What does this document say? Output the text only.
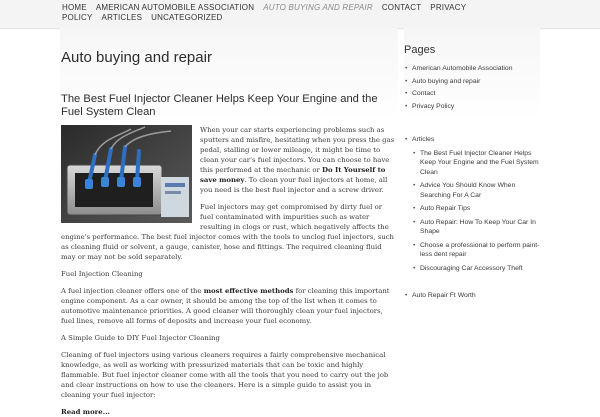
HOME AMERICAN AUTOMOBILE ASSOCIATION AUTO BUYING AND REPAIR CONTACT PRIVACY POLICY ARTICLES UNCATEGORIZED
Auto buying and repair
The Best Fuel Injector Cleaner Helps Keep Your Engine and the Fuel System Clean

When your car starts experiencing problems such as sputters and misfire, hesitating when you press the gas pedal, stalling or lower mileage, it might be time to clean your car's fuel injectors. You can choose to have this performed at the mechanic or Do It Yourself to save money. To clean your fuel injectors at home, all you need is the best fuel injector and a screw driver.

Fuel injectors may get compromised by dirty fuel or fuel contaminated with impurities such as water resulting in clogs or rust, which negatively affects the engine's performance. The best fuel injector comes with the tools to unclog fuel injectors, such as cleaning fluid or solvent, a gauge, canister, hose and fittings. The required cleaning fluid may or may not be sold separately.

Fuel Injection Cleaning

A fuel injection cleaner offers one of the most effective methods for cleaning this important engine component. As a car owner, it should be among the top of the list when it comes to automotive maintenance priorities. A good cleaner will thoroughly clean your fuel injectors, fuel lines, remove all forms of deposits and increase your fuel economy.

A Simple Guide to DIY Fuel Injector Cleaning

Cleaning of fuel injectors using various cleaners requires a fairly comprehensive mechanical knowledge, as well as working with pressurized materials that can be toxic and highly flammable. But fuel injector cleaner come with all the tools that you need to carry out the job and clear instructions on how to use the cleaners. Here is a simple guide to assist you in cleaning your fuel injector:

Read more...

Pages
• American Automobile Association
• Auto buying and repair
• Contact
• Privacy Policy
• Articles
• The Best Fuel Injector Cleaner Helps Keep Your Engine and the Fuel System Clean
• Advice You Should Know When Searching For A Car
• Auto Repair Tips
• Auto Repair: How To Keep Your Car In Shape
• Choose a professional to perform paint-less dent repair
• Discouraging Car Accessory Theft
• Auto Repair Ft Worth
